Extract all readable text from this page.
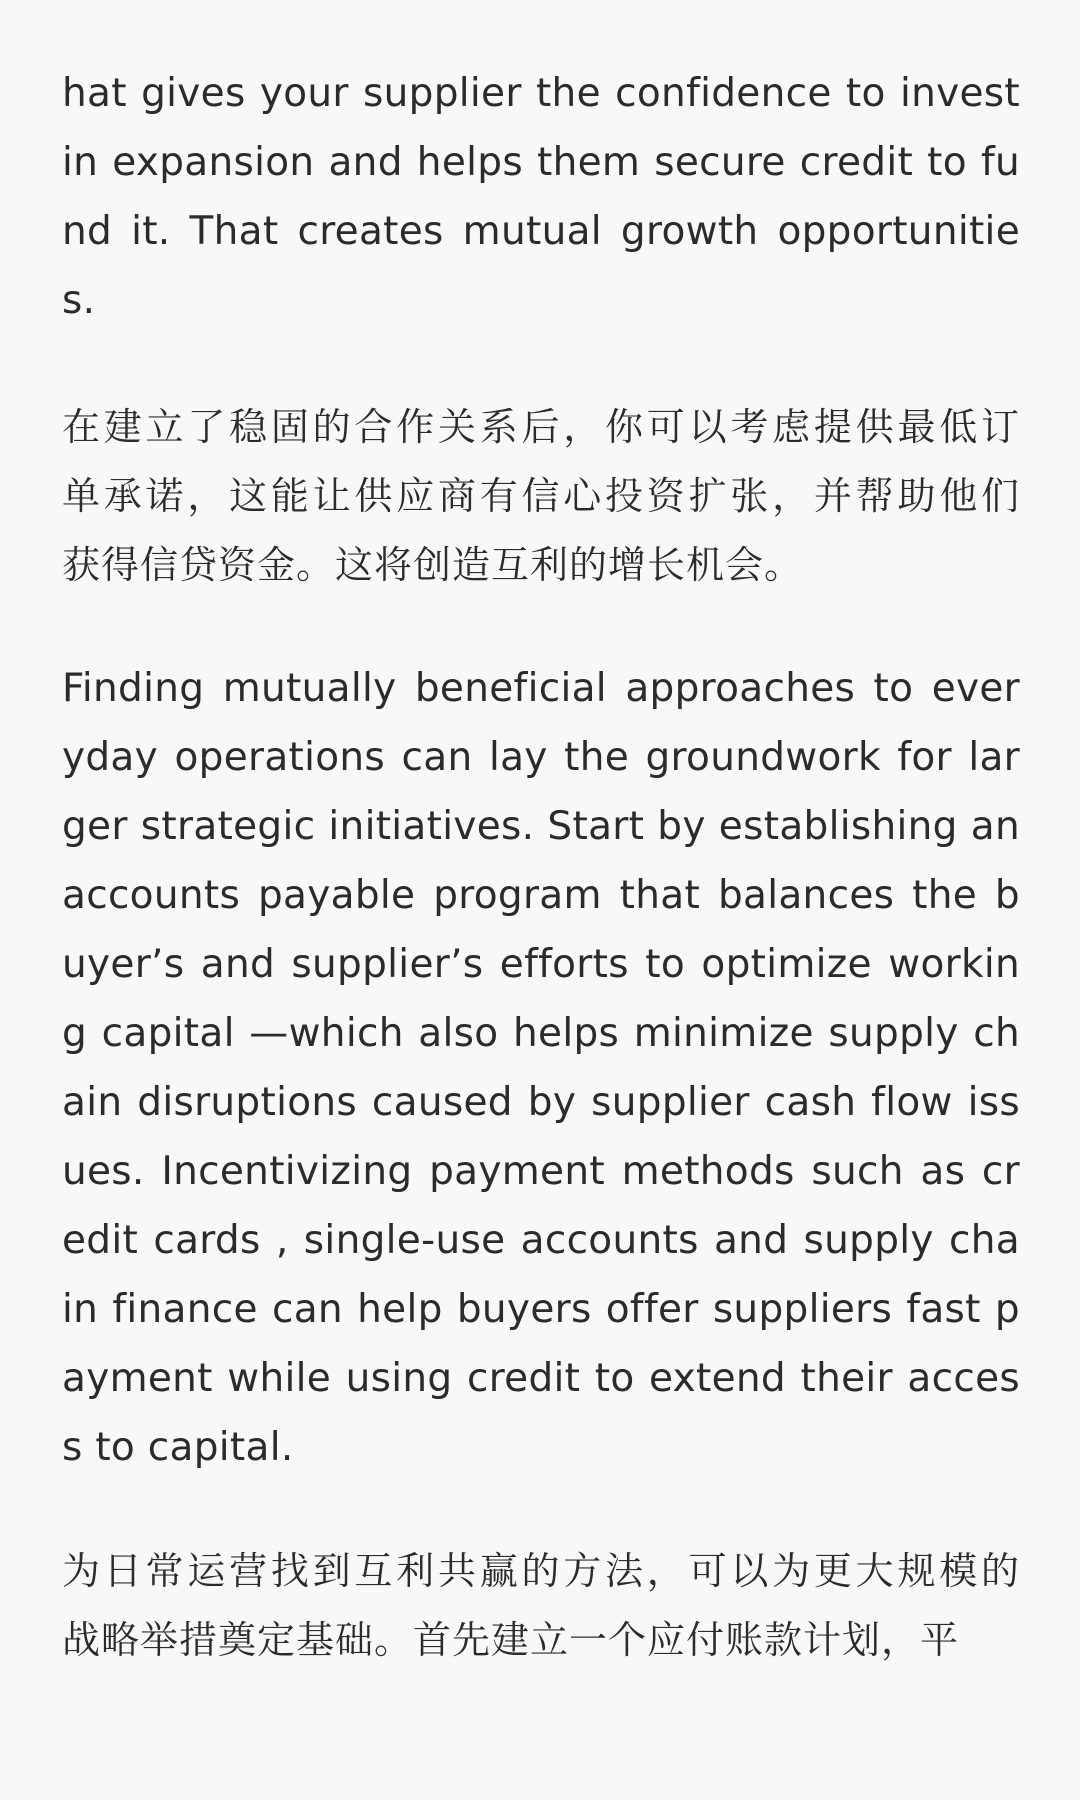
hat gives your supplier the confidence to invest
in expansion and helps them secure credit to fu
nd it. That creates mutual growth opportunitie
s.
在建立了稳固的合作关系后，你可以考虑提供最低订
单承诺，这能让供应商有信心投资扩张，并帮助他们
获得信贷资金。这将创造互利的增长机会。
Finding mutually beneficial approaches to ever
yday operations can lay the groundwork for lar
ger strategic initiatives. Start by establishing an
accounts payable program that balances the b
uyer’s and supplier’s efforts to optimize workin
g capital —which also helps minimize supply ch
ain disruptions caused by supplier cash flow iss
ues. Incentivizing payment methods such as cr
edit cards , single-use accounts and supply cha
in finance can help buyers offer suppliers fast p
ayment while using credit to extend their acces
s to capital.
为日常运营找到互利共赢的方法，可以为更大规模的
战略举措奠定基础。首先建立一个应付账款计划，平
